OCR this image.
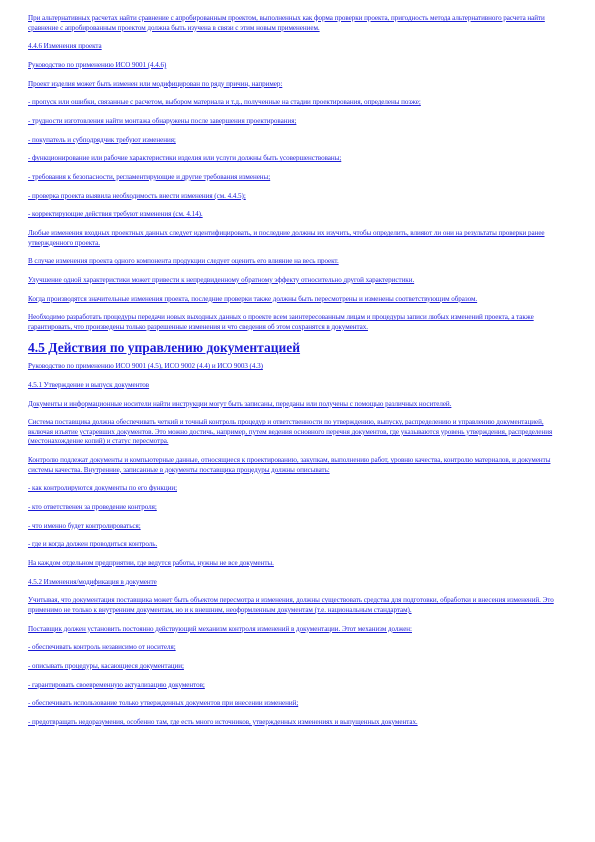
При альтернативных расчетах найти сравнение с апробированным проектом, выполненных как форма проверки проекта, пригодность метода альтернативного расчета найти сравнение с апробированным проектом должна быть изучена в связи с этим новым применением.
4.4.6 Изменения проекта
Руководство по применению ИСО 9001 (4.4.6)
Проект изделия может быть изменен или модифицирован по ряду причин, например:
- пропуск или ошибки, связанные с расчетом, выбором материала и т.д., полученные на стадии проектирования, определены позже;
- трудности изготовления найти монтажа обнаружены после завершения проектирования;
- покупатель и субподрядчик требуют изменения;
- функционирование или рабочие характеристики изделия или услуги должны быть усовершенствованы;
- требования к безопасности, регламентирующие и другие требования изменены;
- проверка проекта выявила необходимость внести изменения (см. 4.4.5);
- корректирующие действия требуют изменения (см. 4.14).
Любые изменения входных проектных данных следует идентифицировать, и последние должны их изучить, чтобы определить, влияют ли они на результаты проверки ранее утвержденного проекта.
В случае изменения проекта одного компонента продукции следует оценить его влияние на весь проект.
Улучшение одной характеристики может привести к непредвиденному обратному эффекту относительно другой характеристики.
Когда производятся значительные изменения проекта, последние проверки также должны быть пересмотрены и изменены соответствующим образом.
Необходимо разработать процедуры передачи новых выходных данных о проекте всем заинтересованным лицам и процедуры записи любых изменений проекта, а также гарантировать, что произведены только разрешенные изменения и что сведения об этом сохранятся в документах.
4.5 Действия по управлению документацией
Руководство по применению ИСО 9001 (4.5), ИСО 9002 (4.4) и ИСО 9003 (4.3)
4.5.1 Утверждение и выпуск документов
Документы и информационные носители найти инструкции могут быть записаны, переданы или получены с помощью различных носителей.
Система поставщика должна обеспечивать четкий и точный контроль процедур и ответственности по утверждению, выпуску, распределению и управлению документацией, включая изъятие устаревших документов. Это можно достичь, например, путем ведения основного перечня документов, где указываются уровень утверждения, распределения (местонахождение копий) и статус пересмотра.
Контролю подлежат документы и компьютерные данные, относящиеся к проектированию, закупкам, выполнению работ, уровню качества, контролю материалов, и документы системы качества. Внутренние, записанные в документы поставщика процедуры должны описывать:
- как контролируются документы по его функции;
- кто ответственен за проведение контроля;
- что именно будет контролироваться;
- где и когда должен проводиться контроль.
На каждом отдельном предприятии, где ведутся работы, нужны не все документы.
4.5.2 Изменения/модификация в документе
Учитывая, что документация поставщика может быть объектом пересмотра и изменения, должны существовать средства для подготовки, обработки и внесения изменений. Это применимо не только к внутренним документам, но и к внешним, неоформленным документам (т.е. национальным стандартам).
Поставщик должен установить постоянно действующий механизм контроля изменений в документации. Этот механизм должен:
- обеспечивать контроль независимо от носителя;
- описывать процедуры, касающиеся документации;
- гарантировать своевременную актуализацию документов;
- обеспечивать использование только утвержденных документов при внесении изменений;
- предотвращать недоразумения, особенно там, где есть много источников, утвержденных изменениях и выпущенных документах.
